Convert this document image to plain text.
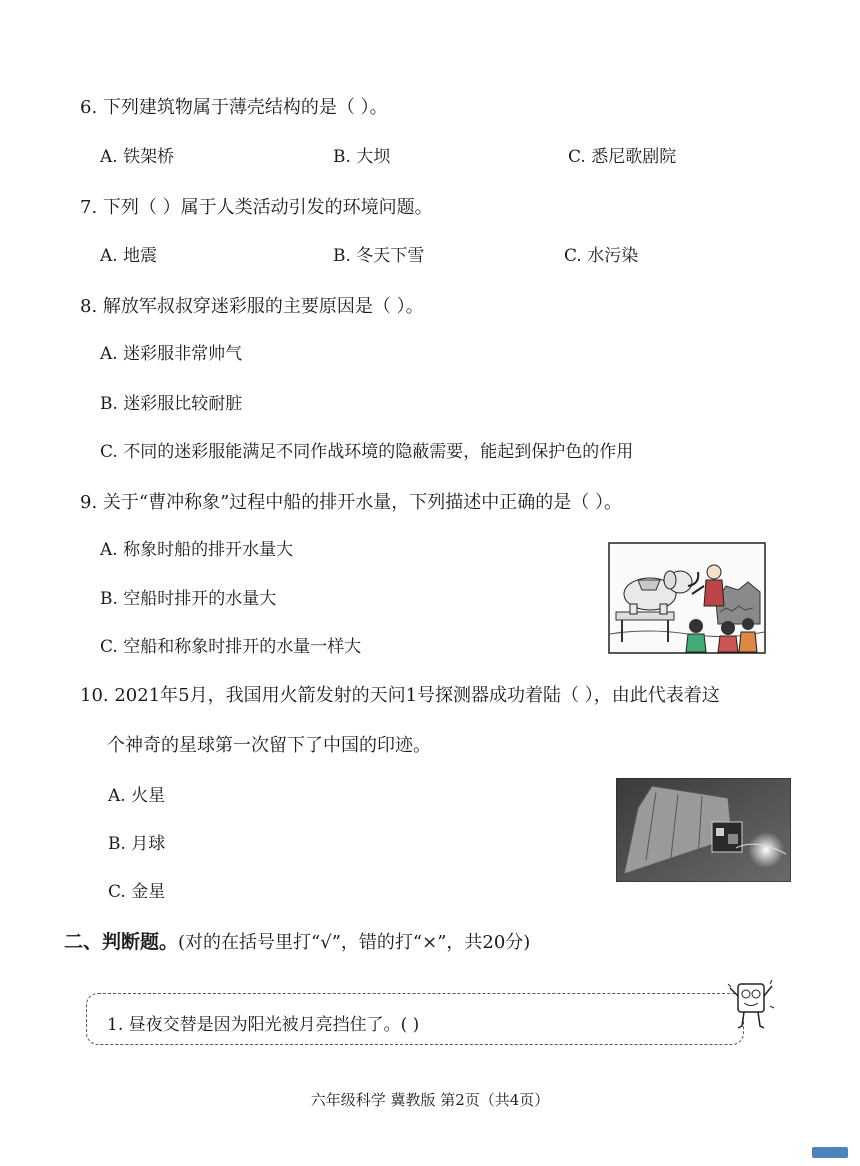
6. 下列建筑物属于薄壳结构的是（ ）。
A. 铁架桥	B. 大坝	C. 悉尼歌剧院
7. 下列（ ）属于人类活动引发的环境问题。
A. 地震	B. 冬天下雪	C. 水污染
8. 解放军叔叔穿迷彩服的主要原因是（ ）。
A. 迷彩服非常帅气
B. 迷彩服比较耐脏
C. 不同的迷彩服能满足不同作战环境的隐蔽需要，能起到保护色的作用
9. 关于“曹冲称象”过程中船的排开水量，下列描述中正确的是（ ）。
A. 称象时船的排开水量大
B. 空船时排开的水量大
C. 空船和称象时排开的水量一样大
10. 2021年5月，我国用火箭发射的天问1号探测器成功着陆（ ），由此代表着这
个神奇的星球第一次留下了中国的印迹。
A. 火星
B. 月球
C. 金星
二、判断题。(对的在括号里打“√”，错的打“×”，共20分)
1. 昼夜交替是因为阳光被月亮挡住了。( )
六年级科学 冀教版 第2页（共4页）
